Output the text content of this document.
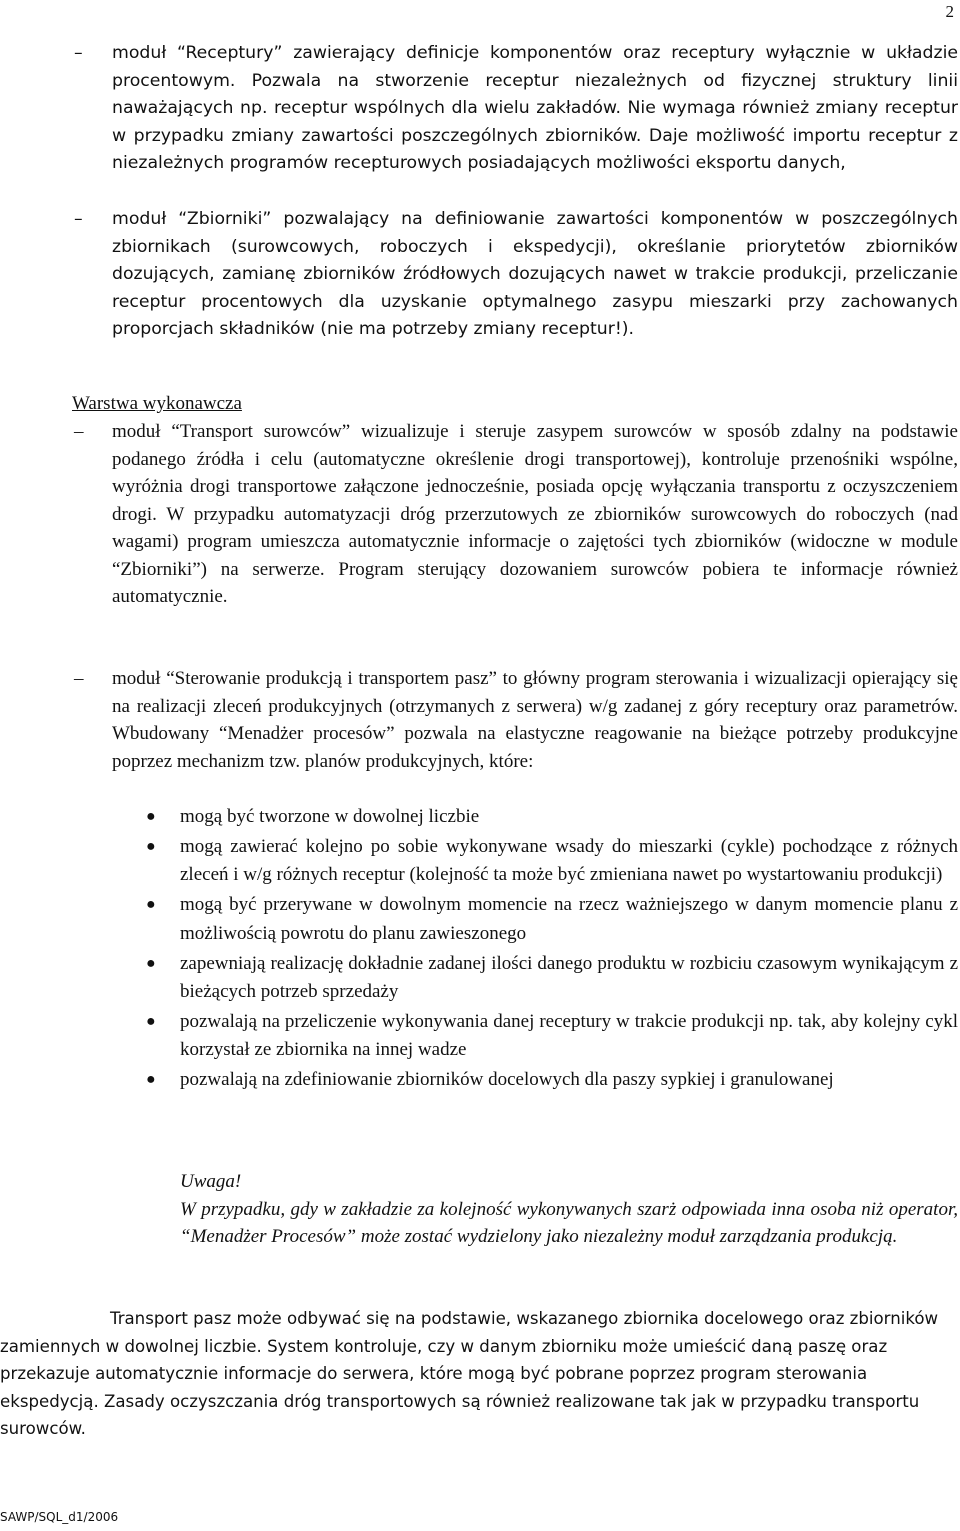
2
– moduł “Receptury” zawierający definicje komponentów oraz receptury wyłącznie w układzie procentowym. Pozwala na stworzenie receptur niezależnych od fizycznej struktury linii naważających np. receptur wspólnych dla wielu zakładów. Nie wymaga również zmiany receptur w przypadku zmiany zawartości poszczególnych zbiorników. Daje możliwość importu receptur z niezależnych programów recepturowych posiadających możliwości eksportu danych,
– moduł “Zbiorniki” pozwalający na definiowanie zawartości komponentów w poszczególnych zbiornikach (surowcowych, roboczych i ekspedycji), określanie priorytetów zbiorników dozujących, zamianę zbiorników źródłowych dozujących nawet w trakcie produkcji, przeliczanie receptur procentowych dla uzyskanie optymalnego zasypu mieszarki przy zachowanych proporcjach składników (nie ma potrzeby zmiany receptur!).
Warstwa wykonawcza
– moduł “Transport surowców” wizualizuje i steruje zasypem surowców w sposób zdalny na podstawie podanego źródła i celu (automatyczne określenie drogi transportowej), kontroluje przenośniki wspólne, wyróżnia drogi transportowe załączone jednocześnie, posiada opcję wyłączania transportu z oczyszczeniem drogi. W przypadku automatyzacji dróg przerzutowych ze zbiorników surowcowych do roboczych (nad wagami) program umieszcza automatycznie informacje o zajętości tych zbiorników (widoczne w module “Zbiorniki”) na serwerze. Program sterujący dozowaniem surowców pobiera te informacje również automatycznie.
– moduł “Sterowanie produkcją i transportem pasz” to główny program sterowania i wizualizacji opierający się na realizacji zleceń produkcyjnych (otrzymanych z serwera) w/g zadanej z góry receptury oraz parametrów. Wbudowany “Menadżer procesów” pozwala na elastyczne reagowanie na bieżące potrzeby produkcyjne poprzez mechanizm tzw. planów produkcyjnych, które:
● mogą być tworzone w dowolnej liczbie
● mogą zawierać kolejno po sobie wykonywane wsady do mieszarki (cykle) pochodzące z różnych zleceń i w/g różnych receptur (kolejność ta może być zmieniana nawet po wystartowaniu produkcji)
● mogą być przerywane w dowolnym momencie na rzecz ważniejszego w danym momencie planu z możliwością powrotu do planu zawieszonego
● zapewniają realizację dokładnie zadanej ilości danego produktu w rozbiciu czasowym wynikającym z bieżących potrzeb sprzedaży
● pozwalają na przeliczenie wykonywania danej receptury w trakcie produkcji np. tak, aby kolejny cykl korzystał ze zbiornika na innej wadze
● pozwalają na zdefiniowanie zbiorników docelowych dla paszy sypkiej i granulowanej
Uwaga!
W przypadku, gdy w zakładzie za kolejność wykonywanych szarż odpowiada inna osoba niż operator, “Menadżer Procesów” może zostać wydzielony jako niezależny moduł zarządzania produkcją.
Transport pasz może odbywać się na podstawie, wskazanego zbiornika docelowego oraz zbiorników zamiennych w dowolnej liczbie. System kontroluje, czy w danym zbiorniku może umieścić daną paszę oraz przekazuje automatycznie informacje do serwera, które mogą być pobrane poprzez program sterowania ekspedycją. Zasady oczyszczania dróg transportowych są również realizowane tak jak w przypadku transportu surowców.
SAWP/SQL_d1/2006
